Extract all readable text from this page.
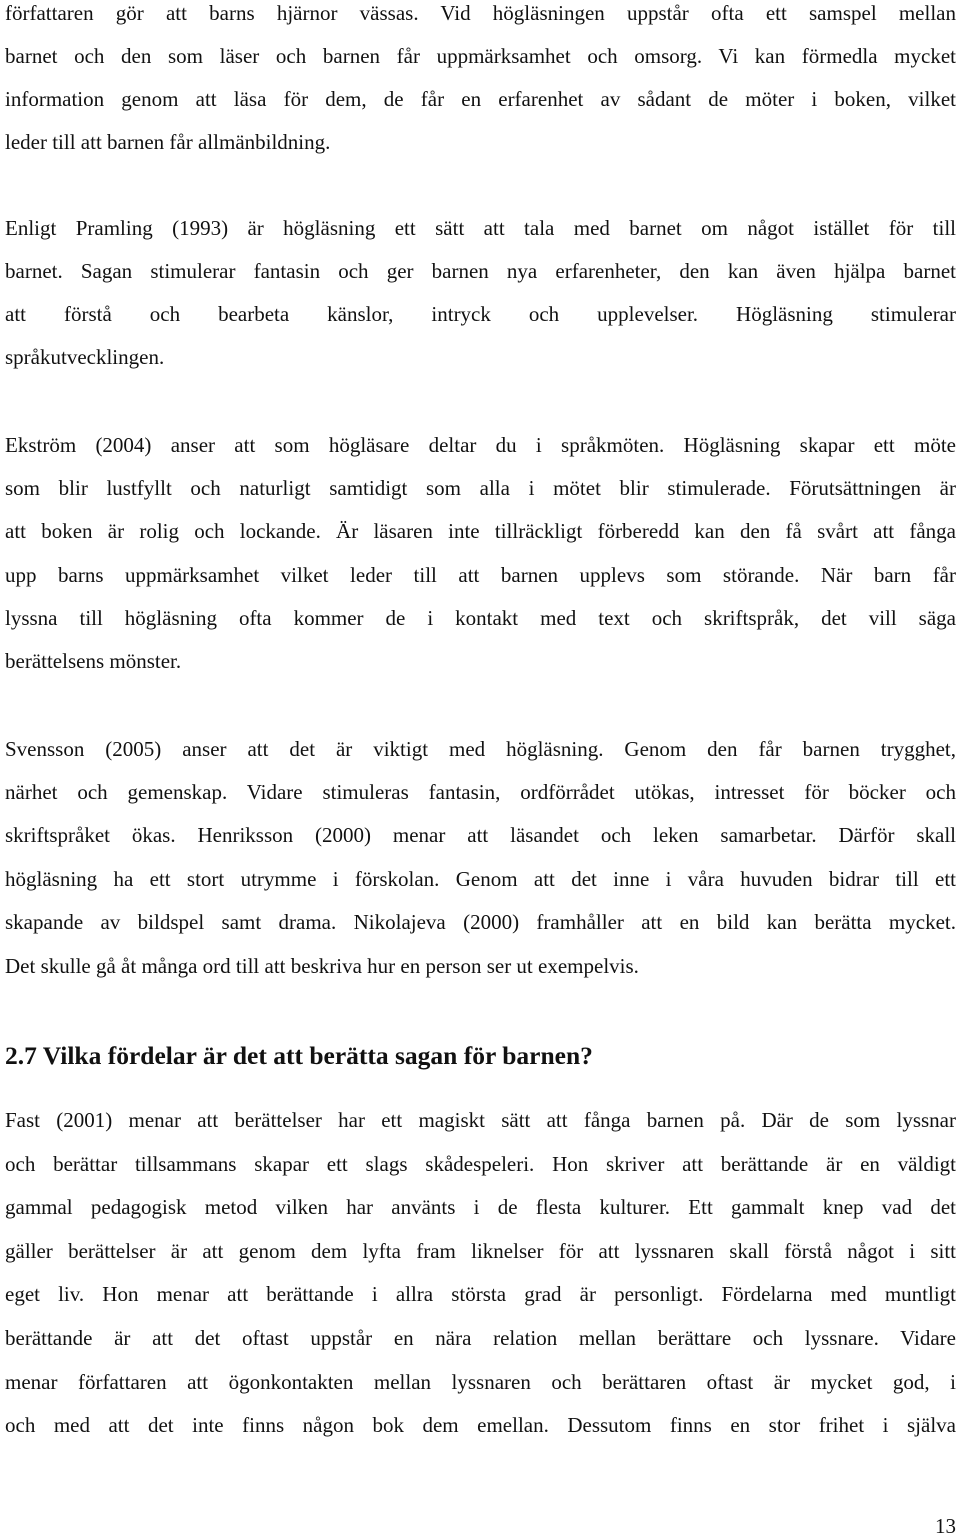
författaren gör att barns hjärnor vässas. Vid högläsningen uppstår ofta ett samspel mellan
barnet och den som läser och barnen får uppmärksamhet och omsorg. Vi kan förmedla mycket
information genom att läsa för dem, de får en erfarenhet av sådant de möter i boken, vilket
leder till att barnen får allmänbildning.
Enligt Pramling (1993) är högläsning ett sätt att tala med barnet om något istället för till
barnet. Sagan stimulerar fantasin och ger barnen nya erfarenheter, den kan även hjälpa barnet
att förstå och bearbeta känslor, intryck och upplevelser. Högläsning stimulerar
språkutvecklingen.
Ekström (2004) anser att som högläsare deltar du i språkmöten. Högläsning skapar ett möte
som blir lustfyllt och naturligt samtidigt som alla i mötet blir stimulerade. Förutsättningen är
att boken är rolig och lockande. Är läsaren inte tillräckligt förberedd kan den få svårt att fånga
upp barns uppmärksamhet vilket leder till att barnen upplevs som störande. När barn får
lyssna till högläsning ofta kommer de i kontakt med text och skriftspråk, det vill säga
berättelsens mönster.
Svensson (2005) anser att det är viktigt med högläsning. Genom den får barnen trygghet,
närhet och gemenskap. Vidare stimuleras fantasin, ordförrådet utökas, intresset för böcker och
skriftspråket ökas. Henriksson (2000) menar att läsandet och leken samarbetar. Därför skall
högläsning ha ett stort utrymme i förskolan. Genom att det inne i våra huvuden bidrar till ett
skapande av bildspel samt drama. Nikolajeva (2000) framhåller att en bild kan berätta mycket.
Det skulle gå åt många ord till att beskriva hur en person ser ut exempelvis.
2.7 Vilka fördelar är det att berätta sagan för barnen?
Fast (2001) menar att berättelser har ett magiskt sätt att fånga barnen på. Där de som lyssnar
och berättar tillsammans skapar ett slags skådespeleri. Hon skriver att berättande är en väldigt
gammal pedagogisk metod vilken har använts i de flesta kulturer. Ett gammalt knep vad det
gäller berättelser är att genom dem lyfta fram liknelser för att lyssnaren skall förstå något i sitt
eget liv. Hon menar att berättande i allra största grad är personligt. Fördelarna med muntligt
berättande är att det oftast uppstår en nära relation mellan berättare och lyssnare. Vidare
menar författaren att ögonkontakten mellan lyssnaren och berättaren oftast är mycket god, i
och med att det inte finns någon bok dem emellan. Dessutom finns en stor frihet i själva
13
